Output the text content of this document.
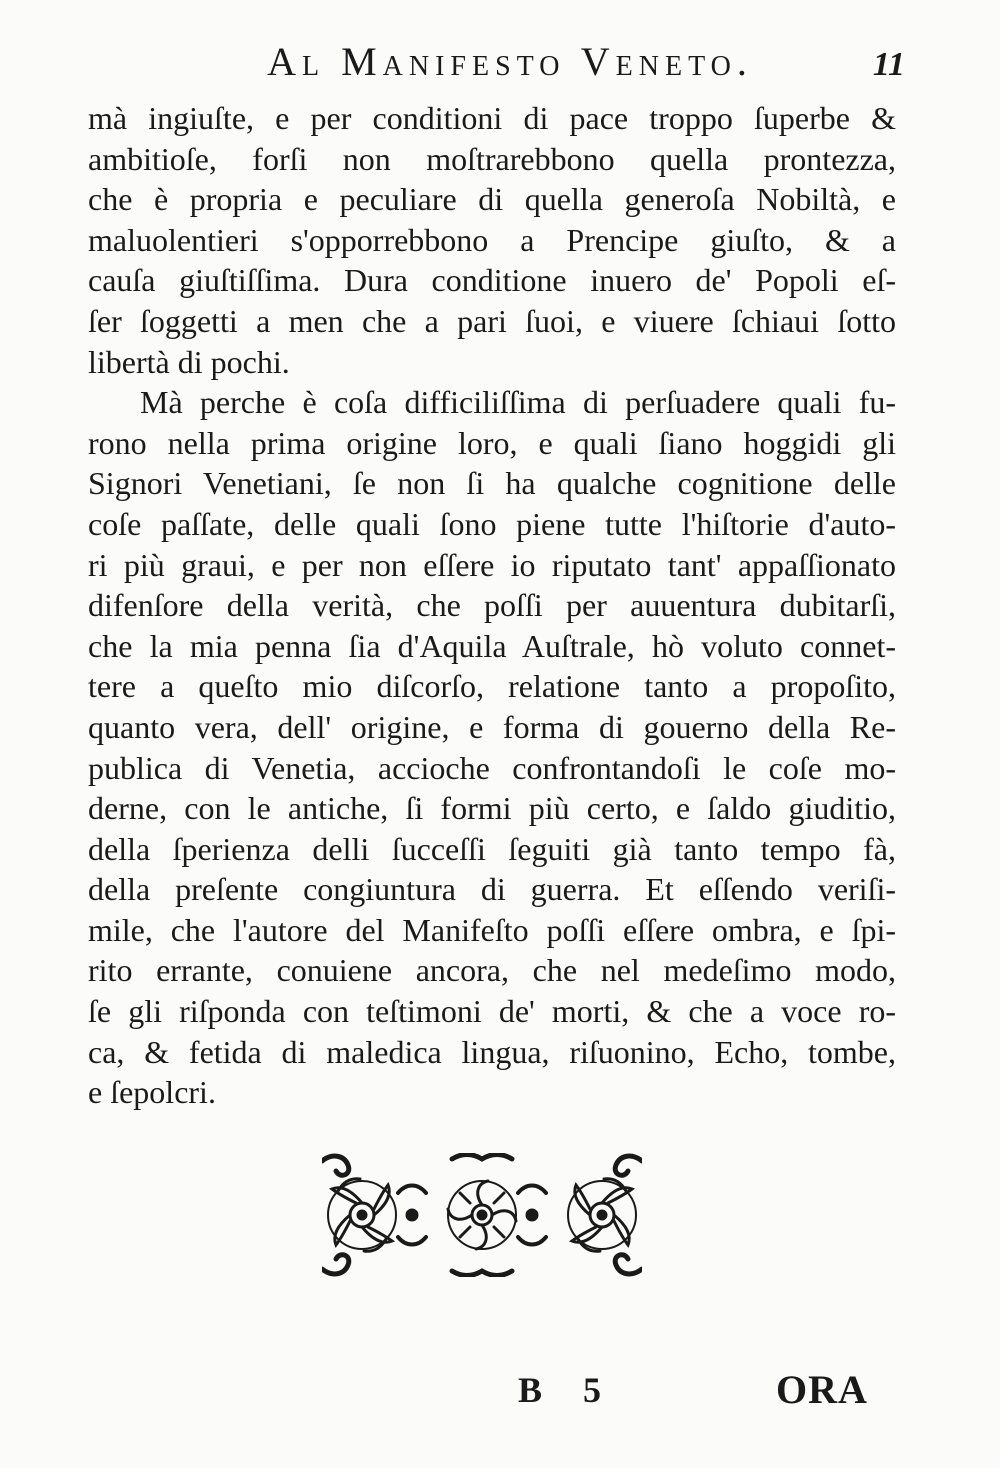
Al Manifesto Veneto.	11
mà ingiuſte, e per conditioni di pace troppo ſuperbe &
ambitioſe, forſi non moſtrarebbono quella prontezza,
che è propria e peculiare di quella generoſa Nobiltà, e
maluolentieri s'opporrebbono a Prencipe giuſto, & a
cauſa giuſtiſſima. Dura conditione inuero de' Popoli eſ-
ſer ſoggetti a men che a pari ſuoi, e viuere ſchiaui ſotto
libertà di pochi.
Mà perche è coſa difficiliſſima di perſuadere quali fu-
rono nella prima origine loro, e quali ſiano hoggidi gli
Signori Venetiani, ſe non ſi ha qualche cognitione delle
coſe paſſate, delle quali ſono piene tutte l'hiſtorie d'auto-
ri più graui, e per non eſſere io riputato tant' appaſſionato
difenſore della verità, che poſſi per auuentura dubitarſi,
che la mia penna ſia d'Aquila Auſtrale, hò voluto connet-
tere a queſto mio diſcorſo, relatione tanto a propoſito,
quanto vera, dell' origine, e forma di gouerno della Re-
publica di Venetia, accioche confrontandoſi le coſe mo-
derne, con le antiche, ſi formi più certo, e ſaldo giuditio,
della ſperienza delli ſucceſſi ſeguiti già tanto tempo fà,
della preſente congiuntura di guerra. Et eſſendo veriſi-
mile, che l'autore del Manifeſto poſſi eſſere ombra, e ſpi-
rito errante, conuiene ancora, che nel medeſimo modo,
ſe gli riſponda con teſtimoni de' morti, & che a voce ro-
ca, & fetida di maledica lingua, riſuonino, Echo, tombe,
e ſepolcri.
B 5	ORA
